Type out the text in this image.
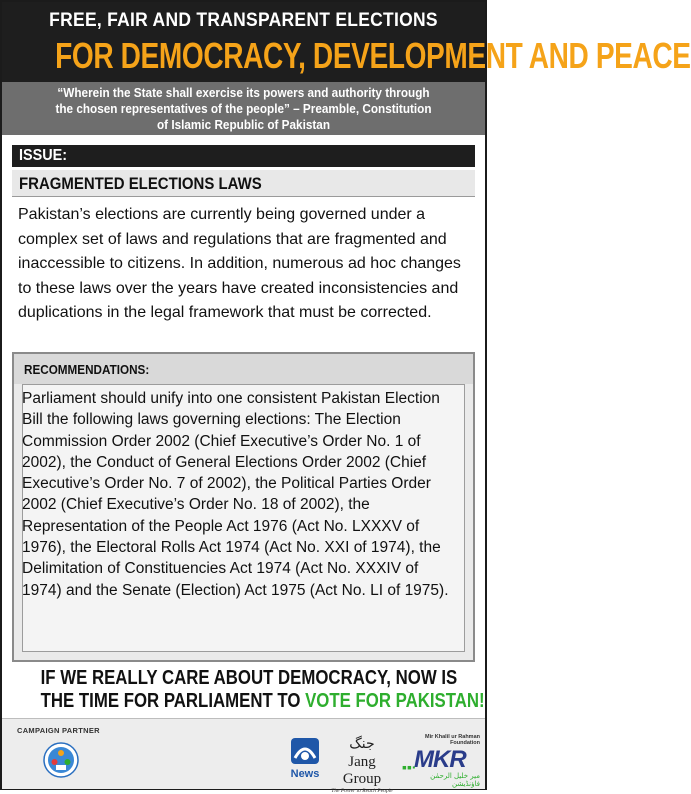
FREE, FAIR AND TRANSPARENT ELECTIONS
FOR DEMOCRACY, DEVELOPMENT AND PEACE
“Wherein the State shall exercise its powers and authority through
the chosen representatives of the people” – Preamble, Constitution
of Islamic Republic of Pakistan
ISSUE:
FRAGMENTED ELECTIONS LAWS
Pakistan’s elections are currently being governed under a complex set of laws and regulations that are fragmented and inaccessible to citizens. In addition, numerous ad hoc changes to these laws over the years have created inconsistencies and duplications in the legal framework that must be corrected.
RECOMMENDATIONS:
Parliament should unify into one consistent Pakistan Election Bill the following laws governing elections: The Election Commission Order 2002 (Chief Executive’s Order No. 1 of 2002), the Conduct of General Elections Order 2002 (Chief Executive’s Order No. 7 of 2002), the Political Parties Order 2002 (Chief Executive’s Order No. 18 of 2002), the Representation of the People Act 1976 (Act No. LXXXV of 1976), the Electoral Rolls Act 1974 (Act No. XXI of 1974), the Delimitation of Constituencies Act 1974 (Act No. XXXIV of 1974) and the Senate (Election) Act 1975 (Act No. LI of 1975).
IF WE REALLY CARE ABOUT DEMOCRACY, NOW IS
THE TIME FOR PARLIAMENT TO VOTE FOR PAKISTAN!
CAMPAIGN PARTNER
News
جنگ
Jang Group
The Power to Reach People
Mir Khalil ur Rahman Foundation
▪▪·
MKR
میر خلیل الرحمٰن فاؤنڈیشن
